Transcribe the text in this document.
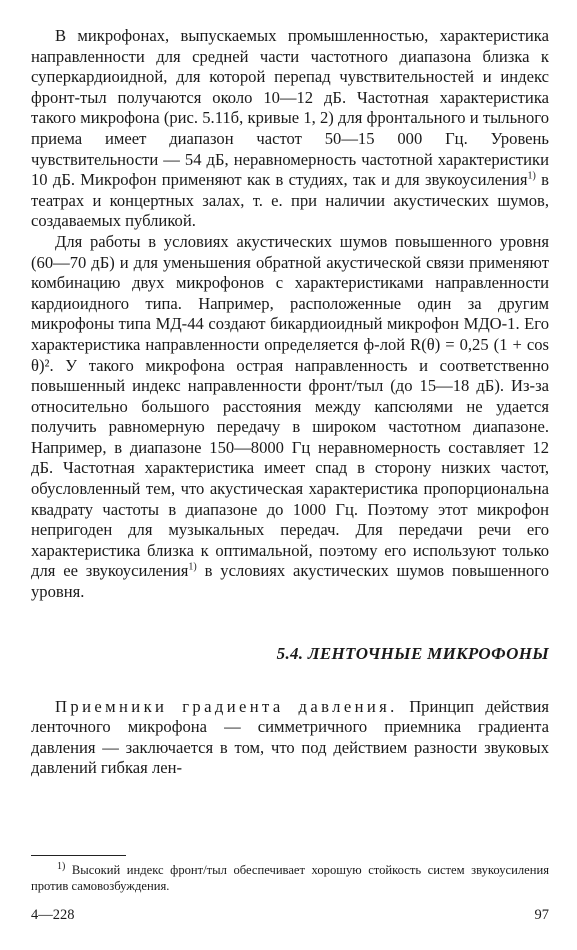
В микрофонах, выпускаемых промышленностью, характеристика направленности для средней части частотного диапазона близка к суперкардиоидной, для которой перепад чувствительностей и индекс фронт-тыл получаются около 10—12 дБ. Частотная характеристика такого микрофона (рис. 5.11б, кривые 1, 2) для фронтального и тыльного приема имеет диапазон частот 50—15 000 Гц. Уровень чувствительности — 54 дБ, неравномерность частотной характеристики 10 дБ. Микрофон применяют как в студиях, так и для звукоусиления$^{1)}$ в театрах и концертных залах, т. е. при наличии акустических шумов, создаваемых публикой.

Для работы в условиях акустических шумов повышенного уровня (60—70 дБ) и для уменьшения обратной акустической связи применяют комбинацию двух микрофонов с характеристиками направленности кардиоидного типа. Например, расположенные один за другим микрофоны типа МД-44 создают бикардиоидный микрофон МДО-1. Его характеристика направленности определяется ф-лой R(θ) = 0,25 (1 + cos θ)². У такого микрофона острая направленность и соответственно повышенный индекс направленности фронт/тыл (до 15—18 дБ). Из-за относительно большого расстояния между капсюлями не удается получить равномерную передачу в широком частотном диапазоне. Например, в диапазоне 150—8000 Гц неравномерность составляет 12 дБ. Частотная характеристика имеет спад в сторону низких частот, обусловленный тем, что акустическая характеристика пропорциональна квадрату частоты в диапазоне до 1000 Гц. Поэтому этот микрофон непригоден для музыкальных передач. Для передачи речи его характеристика близка к оптимальной, поэтому его используют только для ее звукоусиления$^{1)}$ в условиях акустических шумов повышенного уровня.

5.4. ЛЕНТОЧНЫЕ МИКРОФОНЫ

Приемники градиента давления. Принцип действия ленточного микрофона — симметричного приемника градиента давления — заключается в том, что под действием разности звуковых давлений гибкая лен-

$^{1)}$ Высокий индекс фронт/тыл обеспечивает хорошую стойкость систем звукоусиления против самовозбуждения.
4—228	97
